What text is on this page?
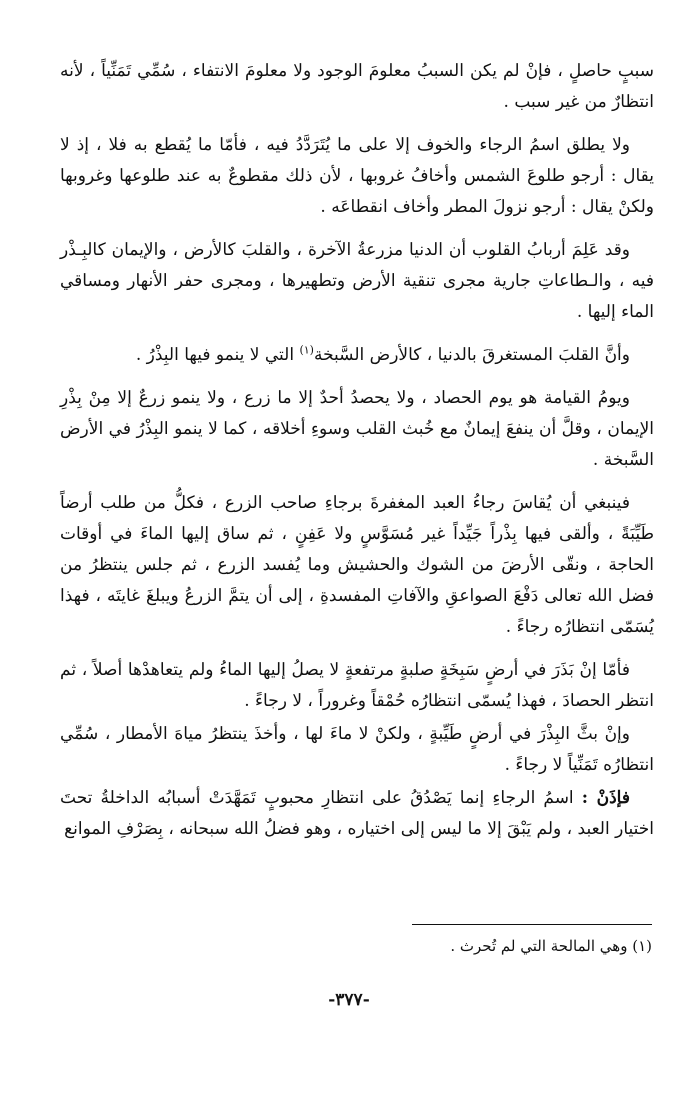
سببٍ حاصلٍ ، فإنْ لم يكن السببُ معلومَ الوجود ولا معلومَ الانتفاء ، سُمِّي تَمَنِّياً ، لأنه انتظارٌ من غير سبب .

ولا يطلق اسمُ الرجاء والخوف إلا على ما يُتَرَدَّدُ فيه ، فأمّا ما يُقطع به فلا ، إذ لا يقال : أرجو طلوعَ الشمس وأخافُ غروبها ، لأن ذلك مقطوعٌ به عند طلوعها وغروبها ولكنْ يقال : أرجو نزولَ المطر وأخاف انقطاعَه .

وقد عَلِمَ أربابُ القلوب أن الدنيا مزرعةُ الآخرة ، والقلبَ كالأرض ، والإيمان كالبِـذْر فيه ، والـطاعاتِ جارية مجرى تنقية الأرض وتطهيرها ، ومجرى حفر الأنهار ومساقي الماء إليها .

وأنَّ القلبَ المستغرقَ بالدنيا ، كالأرض السَّبخة$^{(١)}$ التي لا ينمو فيها البِذْرُ .

ويومُ القيامة هو يوم الحصاد ، ولا يحصدُ أحدٌ إلا ما زرع ، ولا ينمو زرعٌ إلا مِنْ بِذْرِ الإيمان ، وقلَّ أن ينفعَ إيمانٌ مع خُبث القلب وسوءِ أخلاقه ، كما لا ينمو البِذْرُ في الأرض السَّبخة .

فينبغي أن يُقاسَ رجاءُ العبد المغفرةَ برجاءِ صاحب الزرع ، فكلُّ من طلب أرضاً طَيِّبَةً ، وألقى فيها بِذْراً جَيِّداً غير مُسَوَّسٍ ولا عَفِنٍ ، ثم ساق إليها الماءَ في أوقات الحاجة ، ونقّى الأرضَ من الشوك والحشيش وما يُفسد الزرع ، ثم جلس ينتظرُ من فضل الله تعالى دَفْعَ الصواعقِ والآفاتِ المفسدةِ ، إلى أن يتمَّ الزرعُ ويبلغَ غايتَه ، فهذا يُسَمّى انتظارُه رجاءً .

فأمّا إنْ بَذَرَ في أرضٍ سَبِخَةٍ صلبةٍ مرتفعةٍ لا يصلُ إليها الماءُ ولم يتعاهدْها أصلاً ، ثم انتظر الحصادَ ، فهذا يُسمّى انتظارُه حُمْقاً وغروراً ، لا رجاءً .

وإنْ بثَّ البِذْرَ في أرضٍ طَيِّبةٍ ، ولكنْ لا ماءَ لها ، وأخذَ ينتظرُ مياهَ الأمطار ، سُمِّي انتظارُه تَمَنِّياً لا رجاءً .

فإذَنْ : اسمُ الرجاءِ إنما يَصْدُقُ على انتظارِ محبوبٍ تَمَهَّدَتْ أسبابُه الداخلةُ تحتَ اختيار العبد ، ولم يَبْقَ إلا ما ليس إلى اختياره ، وهو فضلُ الله سبحانه ، بِصَرْفِ الموانع

(١) وهي المالحة التي لم تُحرث .
-٣٧٧-
